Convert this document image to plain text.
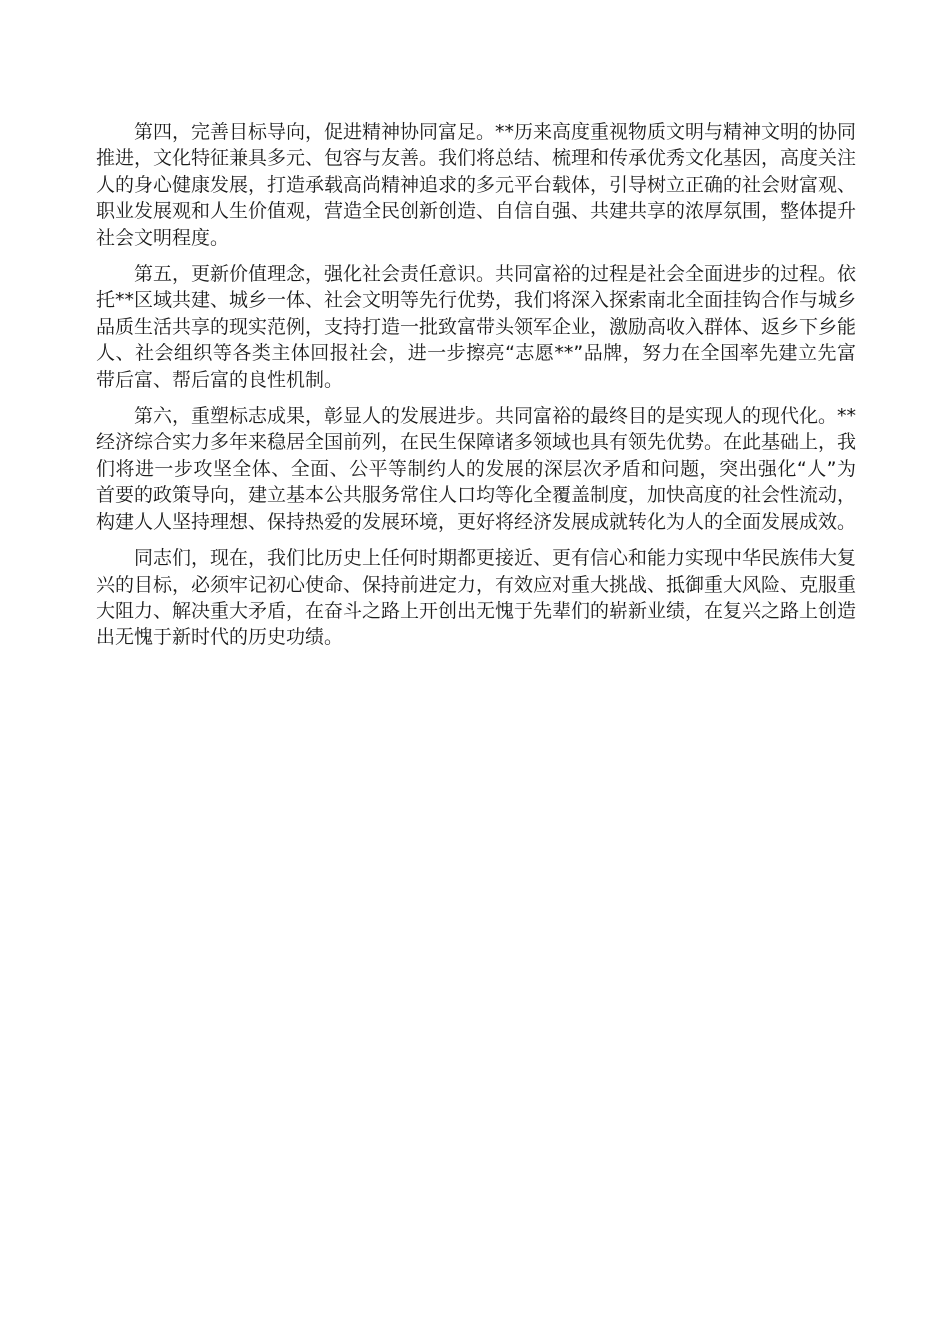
第四，完善目标导向，促进精神协同富足。**历来高度重视物质文明与精神文明的协同推进，文化特征兼具多元、包容与友善。我们将总结、梳理和传承优秀文化基因，高度关注人的身心健康发展，打造承载高尚精神追求的多元平台载体，引导树立正确的社会财富观、职业发展观和人生价值观，营造全民创新创造、自信自强、共建共享的浓厚氛围，整体提升社会文明程度。

第五，更新价值理念，强化社会责任意识。共同富裕的过程是社会全面进步的过程。依托**区域共建、城乡一体、社会文明等先行优势，我们将深入探索南北全面挂钩合作与城乡品质生活共享的现实范例，支持打造一批致富带头领军企业，激励高收入群体、返乡下乡能人、社会组织等各类主体回报社会，进一步擦亮“志愿**”品牌，努力在全国率先建立先富带后富、帮后富的良性机制。

第六，重塑标志成果，彰显人的发展进步。共同富裕的最终目的是实现人的现代化。**经济综合实力多年来稳居全国前列，在民生保障诸多领域也具有领先优势。在此基础上，我们将进一步攻坚全体、全面、公平等制约人的发展的深层次矛盾和问题，突出强化“人”为首要的政策导向，建立基本公共服务常住人口均等化全覆盖制度，加快高度的社会性流动，构建人人坚持理想、保持热爱的发展环境，更好将经济发展成就转化为人的全面发展成效。

同志们，现在，我们比历史上任何时期都更接近、更有信心和能力实现中华民族伟大复兴的目标，必须牢记初心使命、保持前进定力，有效应对重大挑战、抵御重大风险、克服重大阻力、解决重大矛盾，在奋斗之路上开创出无愧于先辈们的崭新业绩，在复兴之路上创造出无愧于新时代的历史功绩。
